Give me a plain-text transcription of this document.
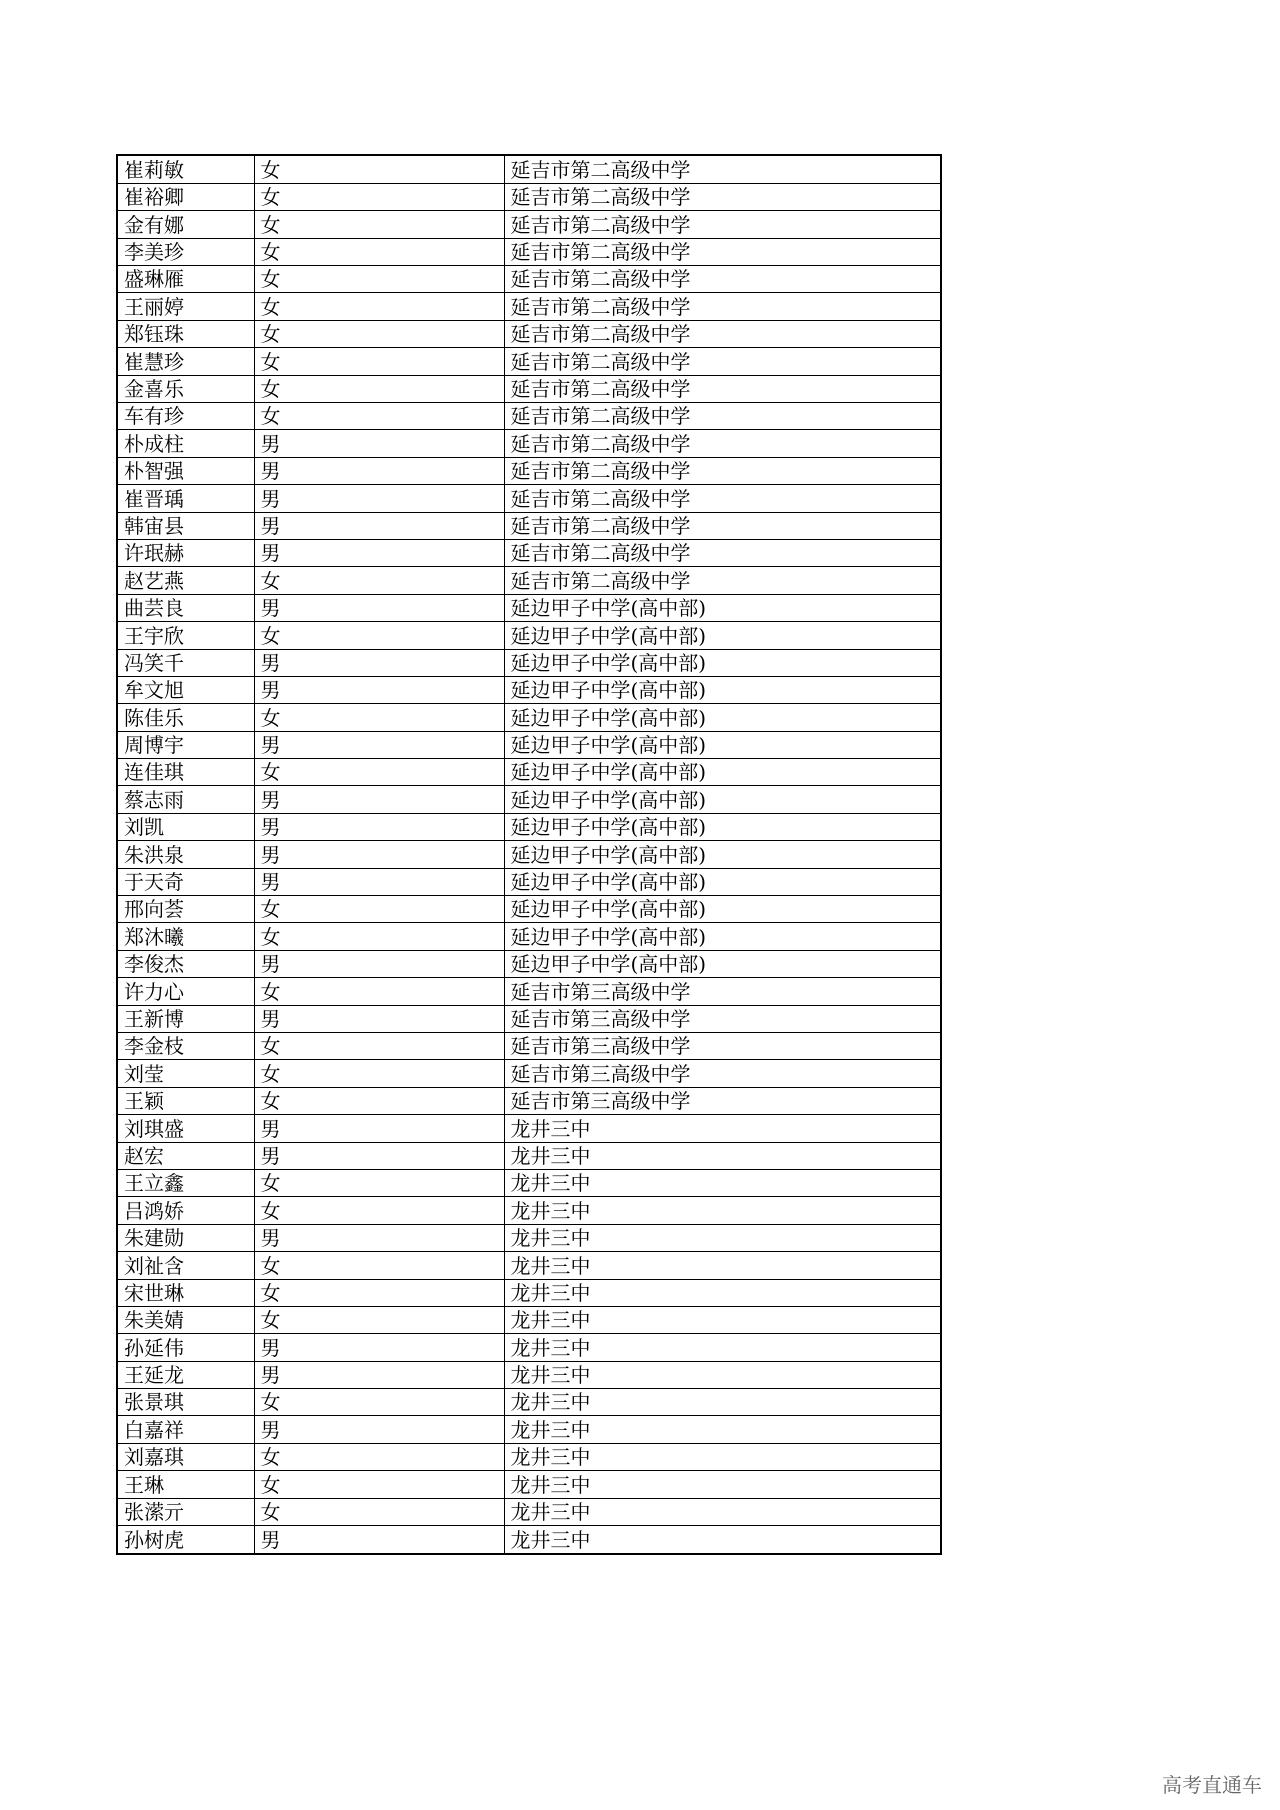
崔莉敏	女	延吉市第二高级中学
崔裕卿	女	延吉市第二高级中学
金有娜	女	延吉市第二高级中学
李美珍	女	延吉市第二高级中学
盛琳雁	女	延吉市第二高级中学
王丽婷	女	延吉市第二高级中学
郑钰珠	女	延吉市第二高级中学
崔慧珍	女	延吉市第二高级中学
金喜乐	女	延吉市第二高级中学
车有珍	女	延吉市第二高级中学
朴成柱	男	延吉市第二高级中学
朴智强	男	延吉市第二高级中学
崔晋瑀	男	延吉市第二高级中学
韩宙县	男	延吉市第二高级中学
许珉赫	男	延吉市第二高级中学
赵艺燕	女	延吉市第二高级中学
曲芸良	男	延边甲子中学(高中部)
王宇欣	女	延边甲子中学(高中部)
冯笑千	男	延边甲子中学(高中部)
牟文旭	男	延边甲子中学(高中部)
陈佳乐	女	延边甲子中学(高中部)
周博宇	男	延边甲子中学(高中部)
连佳琪	女	延边甲子中学(高中部)
蔡志雨	男	延边甲子中学(高中部)
刘凯	男	延边甲子中学(高中部)
朱洪泉	男	延边甲子中学(高中部)
于天奇	男	延边甲子中学(高中部)
邢向荟	女	延边甲子中学(高中部)
郑沐曦	女	延边甲子中学(高中部)
李俊杰	男	延边甲子中学(高中部)
许力心	女	延吉市第三高级中学
王新博	男	延吉市第三高级中学
李金枝	女	延吉市第三高级中学
刘莹	女	延吉市第三高级中学
王颖	女	延吉市第三高级中学
刘琪盛	男	龙井三中
赵宏	男	龙井三中
王立鑫	女	龙井三中
吕鸿娇	女	龙井三中
朱建勋	男	龙井三中
刘祉含	女	龙井三中
宋世琳	女	龙井三中
朱美婧	女	龙井三中
孙延伟	男	龙井三中
王延龙	男	龙井三中
张景琪	女	龙井三中
白嘉祥	男	龙井三中
刘嘉琪	女	龙井三中
王琳	女	龙井三中
张潆亓	女	龙井三中
孙树虎	男	龙井三中
高考直通车
